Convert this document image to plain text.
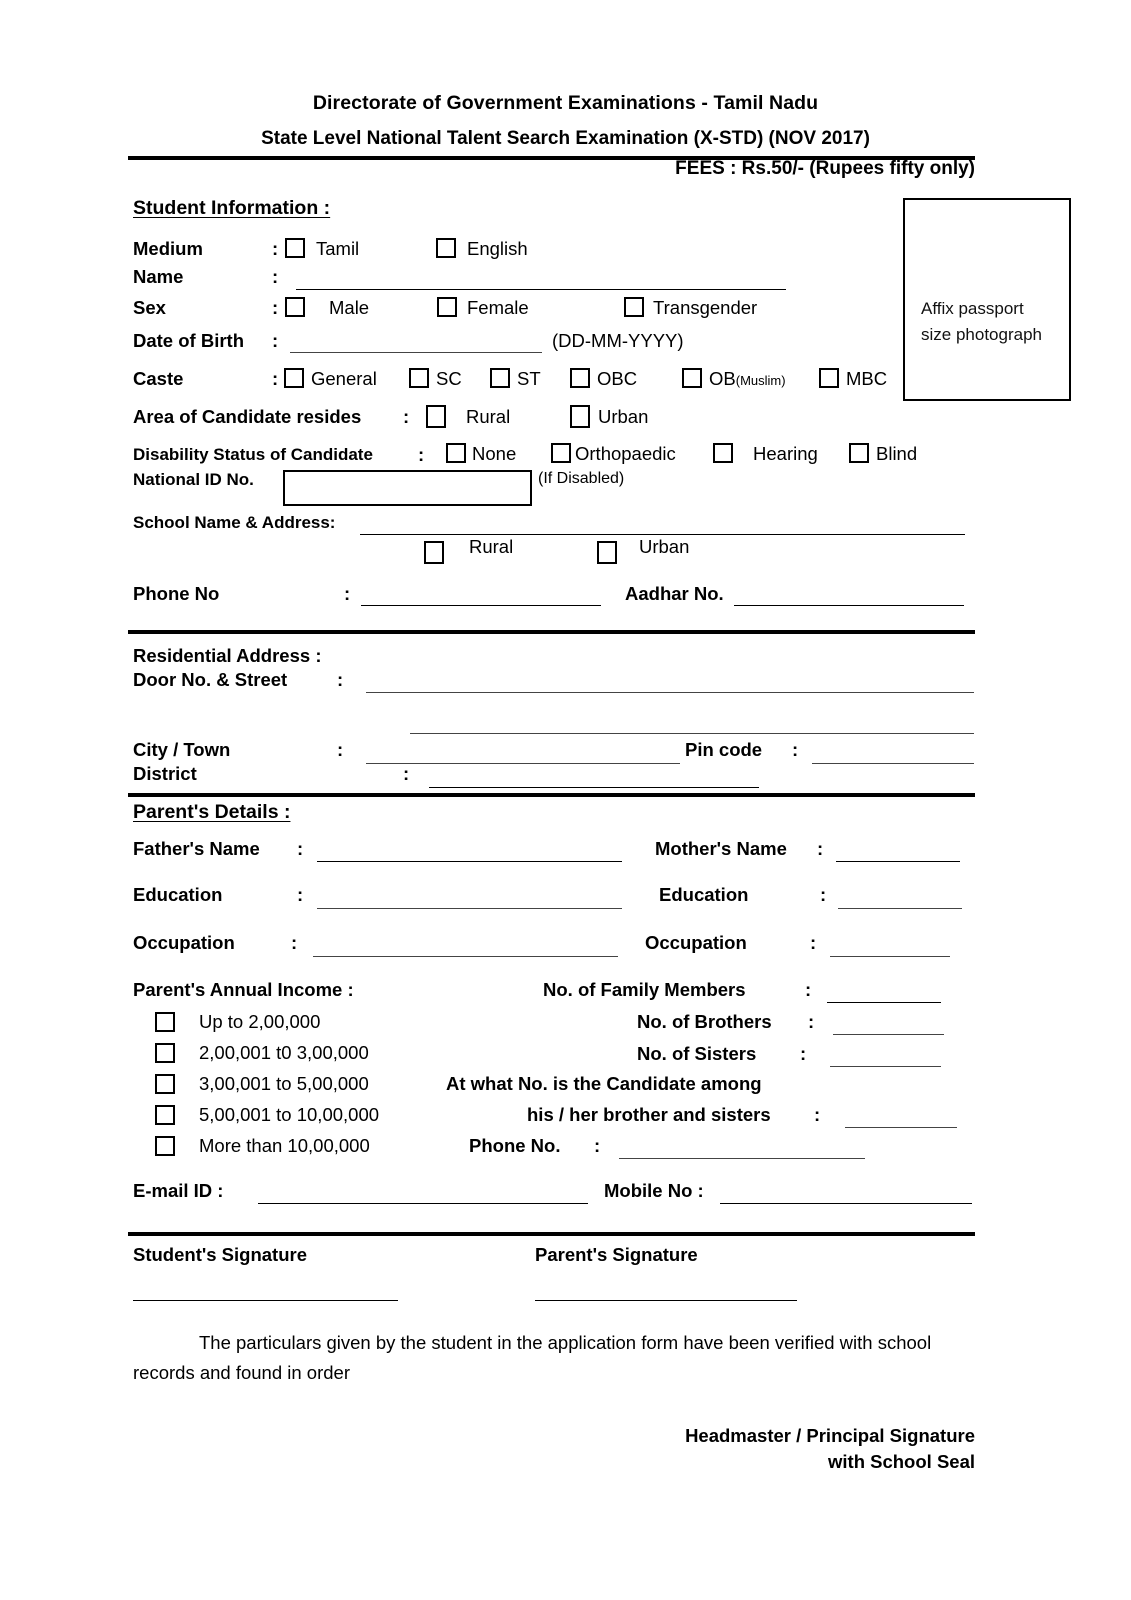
Directorate of Government Examinations - Tamil Nadu
State Level National Talent Search Examination (X-STD) (NOV 2017)
FEES : Rs.50/- (Rupees fifty only)
Affix passport
size photograph
Student Information :
Medium	: Tamil	English
Name	:
Sex	:	Male	Female	Transgender
Date of Birth :	(DD-MM-YYYY)
Caste	: General	SC	ST	OBC	OB(Muslim)	MBC
Area of Candidate resides :	Rural	Urban
Disability Status of Candidate :	None	Orthopaedic	Hearing	Blind
National ID No.	(If Disabled)
School Name & Address:
Rural	Urban
Phone No	:	Aadhar No.
Residential Address :
Door No. & Street	:
City / Town	:	Pin code :
District	:
Parent's Details :
Father's Name :	Mother's Name :
Education	:	Education	:
Occupation	:	Occupation	:
Parent's Annual Income :
Up to 2,00,000
2,00,001 t0 3,00,000
3,00,001 to 5,00,000
5,00,001 to 10,00,000
More than 10,00,000
No. of Family Members	:
No. of Brothers :
No. of Sisters :
At what No. is the Candidate among
his / her brother and sisters :
Phone No. :
E-mail ID :	Mobile No :
Student's Signature	Parent's Signature
The particulars given by the student in the application form have been verified with school records and found in order
Headmaster / Principal Signature
with School Seal
